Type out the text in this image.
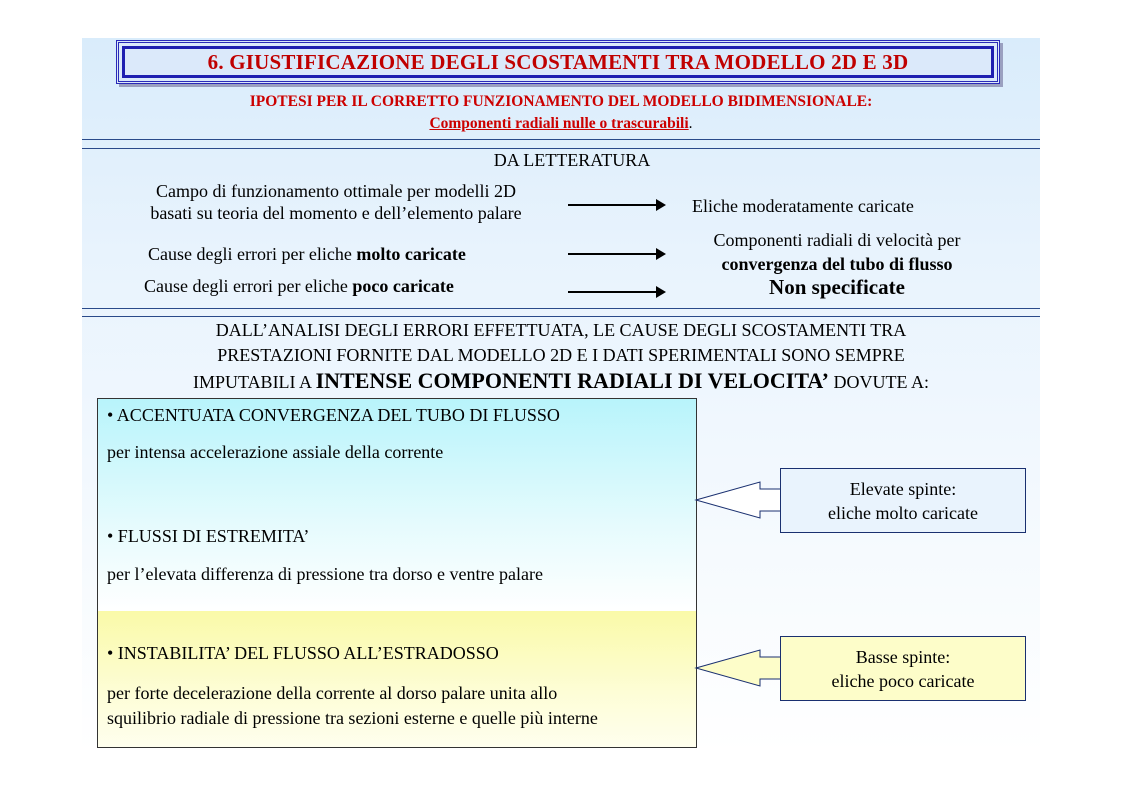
6. GIUSTIFICAZIONE DEGLI SCOSTAMENTI TRA MODELLO 2D E 3D
IPOTESI PER IL CORRETTO FUNZIONAMENTO DEL MODELLO BIDIMENSIONALE:
Componenti radiali nulle o trascurabili.
DA LETTERATURA
Campo di funzionamento ottimale per modelli 2D
basati su teoria del momento e dell’elemento palare	Eliche moderatamente caricate
Cause degli errori per eliche molto caricate
Componenti radiali di velocità per
convergenza del tubo di flusso
Cause degli errori per eliche poco caricate	Non specificate
DALL’ANALISI DEGLI ERRORI EFFETTUATA, LE CAUSE DEGLI SCOSTAMENTI TRA
PRESTAZIONI FORNITE DAL MODELLO 2D E I DATI SPERIMENTALI SONO SEMPRE
IMPUTABILI A INTENSE COMPONENTI RADIALI DI VELOCITA’ DOVUTE A:
• ACCENTUATA CONVERGENZA DEL TUBO DI FLUSSO
per intensa accelerazione assiale della corrente
• FLUSSI DI ESTREMITA’
per l’elevata differenza di pressione tra dorso e ventre palare
• INSTABILITA’ DEL FLUSSO ALL’ESTRADOSSO
per forte decelerazione della corrente al dorso palare unita allo
squilibrio radiale di pressione tra sezioni esterne e quelle più interne
Elevate spinte:
eliche molto caricate
Basse spinte:
eliche poco caricate
